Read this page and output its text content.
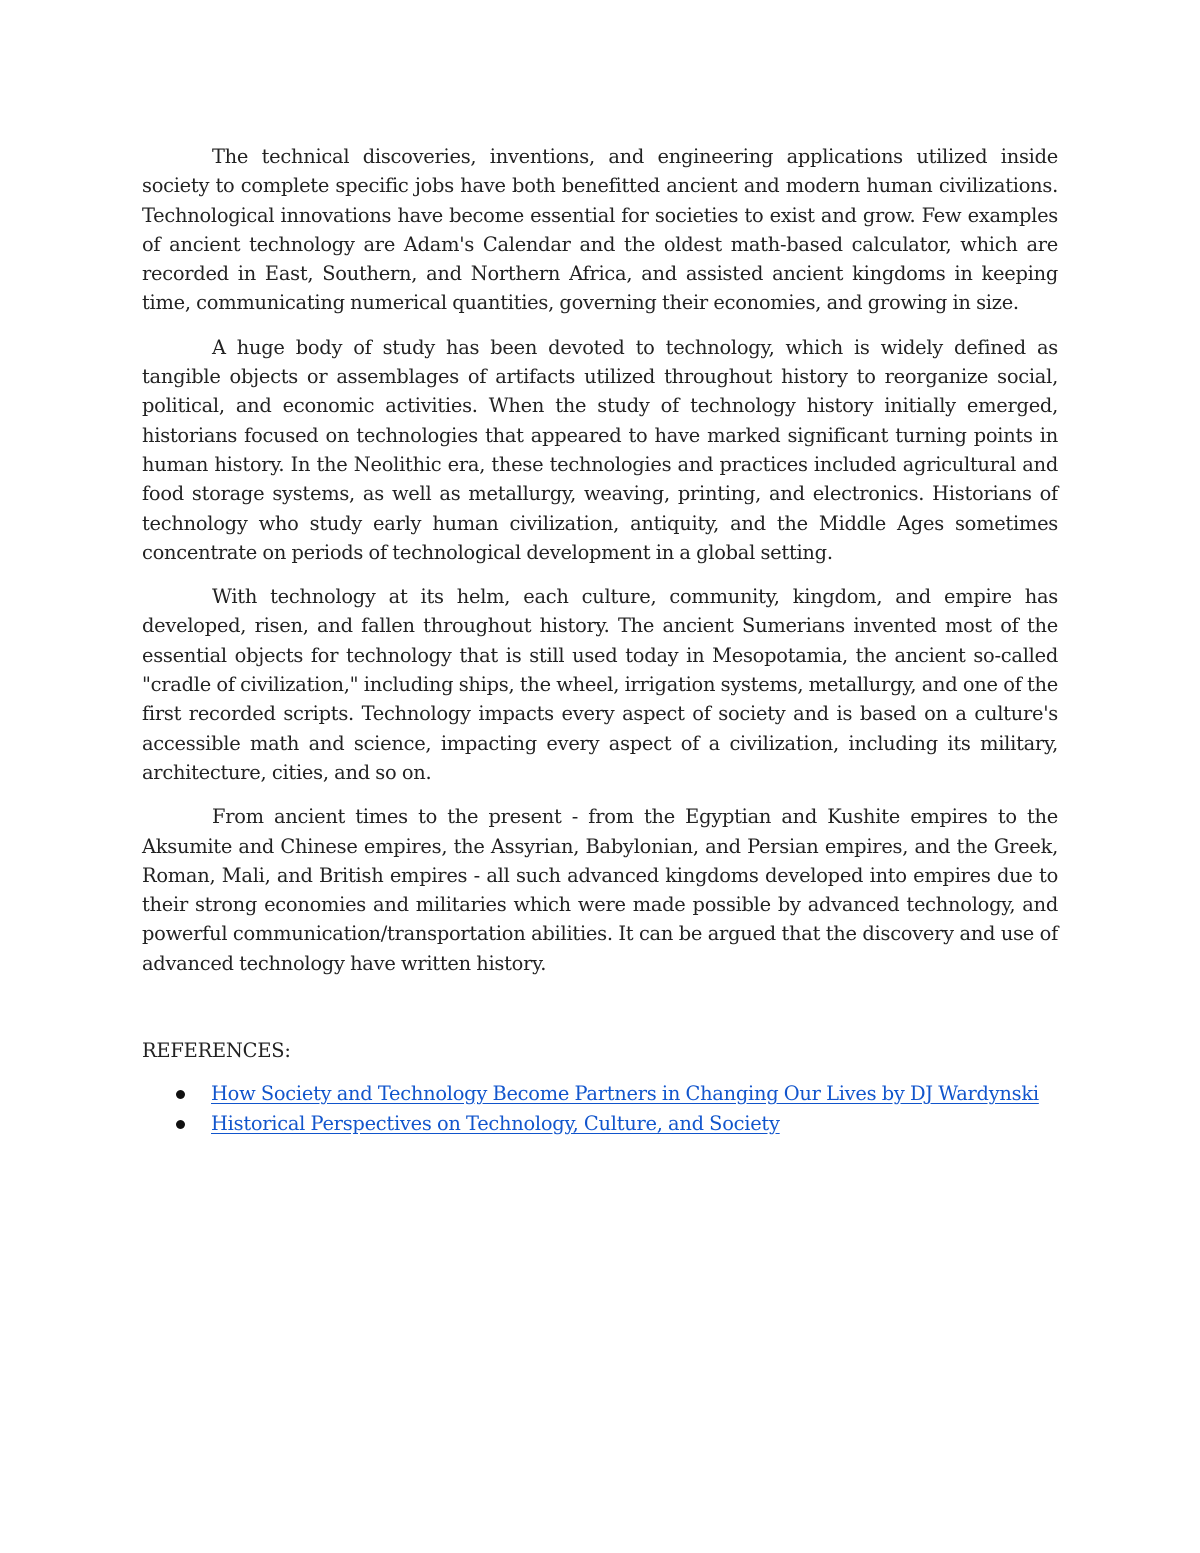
The technical discoveries, inventions, and engineering applications utilized inside society to complete specific jobs have both benefitted ancient and modern human civilizations. Technological innovations have become essential for societies to exist and grow. Few examples of ancient technology are Adam's Calendar and the oldest math-based calculator, which are recorded in East, Southern, and Northern Africa, and assisted ancient kingdoms in keeping time, communicating numerical quantities, governing their economies, and growing in size.

A huge body of study has been devoted to technology, which is widely defined as tangible objects or assemblages of artifacts utilized throughout history to reorganize social, political, and economic activities. When the study of technology history initially emerged, historians focused on technologies that appeared to have marked significant turning points in human history. In the Neolithic era, these technologies and practices included agricultural and food storage systems, as well as metallurgy, weaving, printing, and electronics. Historians of technology who study early human civilization, antiquity, and the Middle Ages sometimes concentrate on periods of technological development in a global setting.

With technology at its helm, each culture, community, kingdom, and empire has developed, risen, and fallen throughout history. The ancient Sumerians invented most of the essential objects for technology that is still used today in Mesopotamia, the ancient so-called "cradle of civilization," including ships, the wheel, irrigation systems, metallurgy, and one of the first recorded scripts. Technology impacts every aspect of society and is based on a culture's accessible math and science, impacting every aspect of a civilization, including its military, architecture, cities, and so on.

From ancient times to the present - from the Egyptian and Kushite empires to the Aksumite and Chinese empires, the Assyrian, Babylonian, and Persian empires, and the Greek, Roman, Mali, and British empires - all such advanced kingdoms developed into empires due to their strong economies and militaries which were made possible by advanced technology, and powerful communication/transportation abilities. It can be argued that the discovery and use of advanced technology have written history.

REFERENCES:
How Society and Technology Become Partners in Changing Our Lives by DJ Wardynski
Historical Perspectives on Technology, Culture, and Society
